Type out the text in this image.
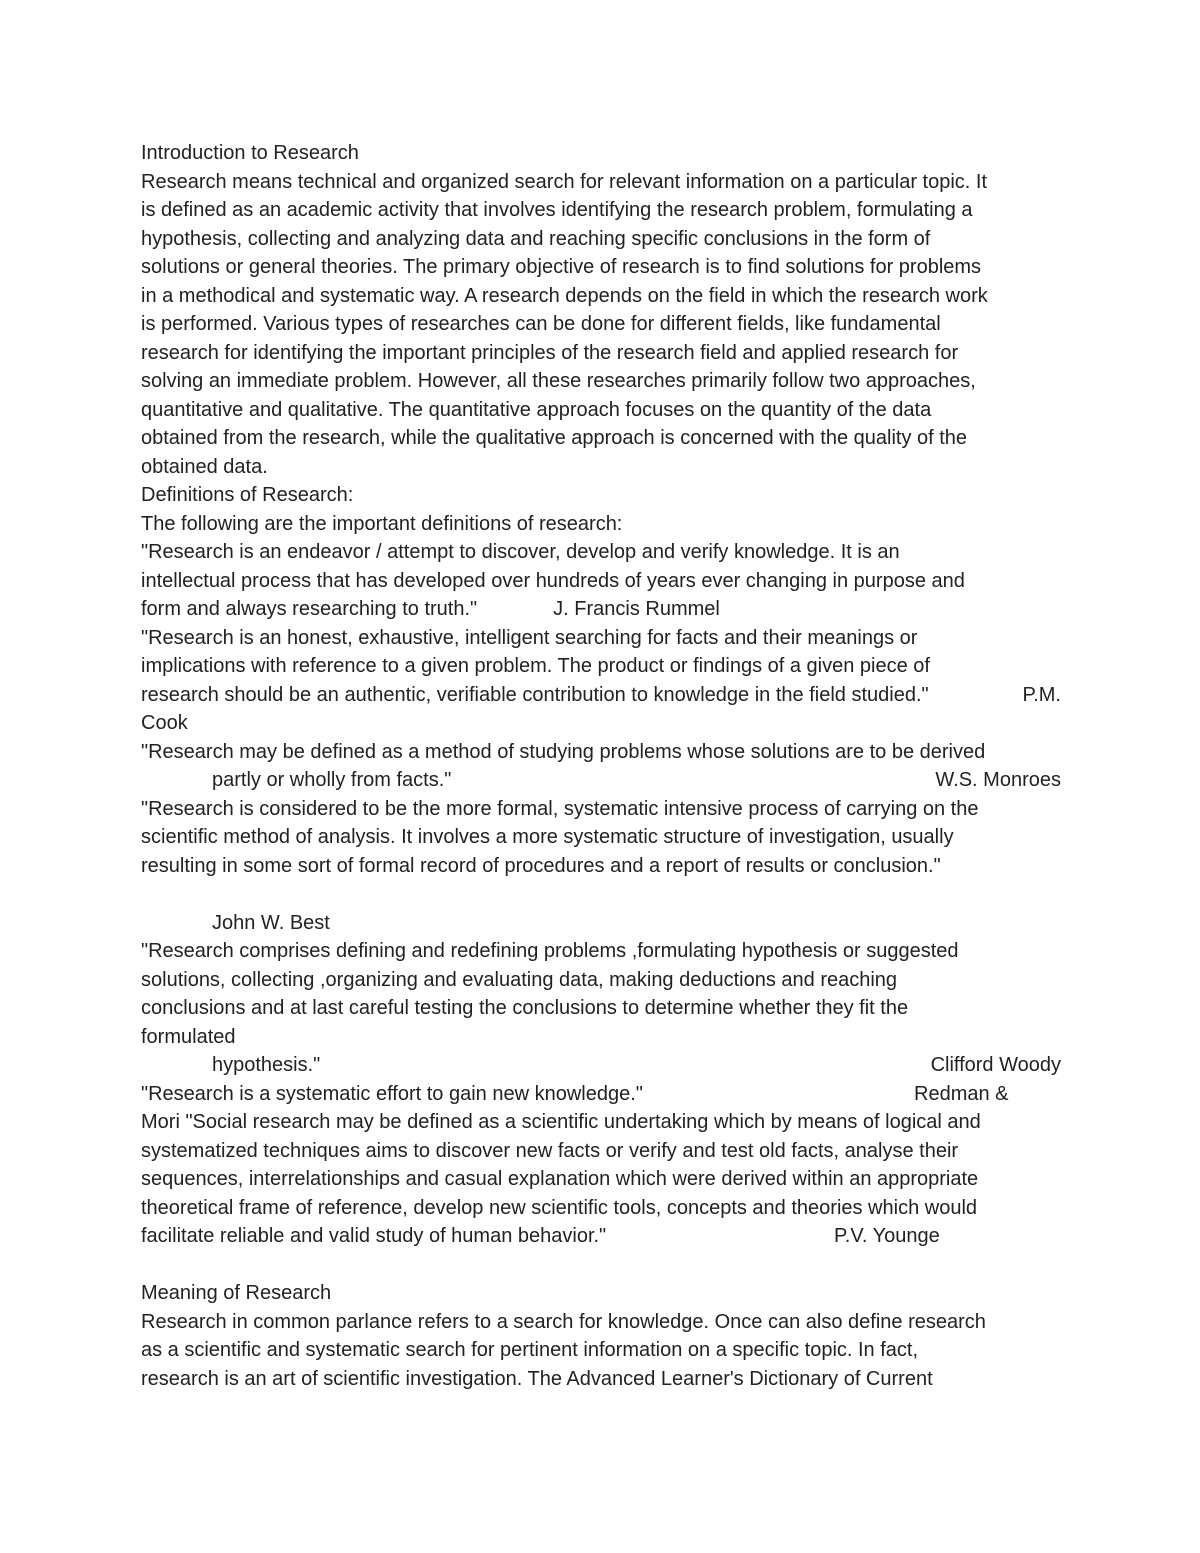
Introduction to Research
Research means technical and organized search for relevant information on a particular topic. It
is defined as an academic activity that involves identifying the research problem, formulating a
hypothesis, collecting and analyzing data and reaching specific conclusions in the form of
solutions or general theories. The primary objective of research is to find solutions for problems
in a methodical and systematic way. A research depends on the field in which the research work
is performed. Various types of researches can be done for different fields, like fundamental
research for identifying the important principles of the research field and applied research for
solving an immediate problem. However, all these researches primarily follow two approaches,
quantitative and qualitative. The quantitative approach focuses on the quantity of the data
obtained from the research, while the qualitative approach is concerned with the quality of the
obtained data.
Definitions of Research:
The following are the important definitions of research:
"Research is an endeavor / attempt to discover, develop and verify knowledge. It is an
intellectual process that has developed over hundreds of years ever changing in purpose and
form and always researching to truth."	J. Francis Rummel
"Research is an honest, exhaustive, intelligent searching for facts and their meanings or
implications with reference to a given problem. The product or findings of a given piece of
research should be an authentic, verifiable contribution to knowledge in the field studied."	P.M.
Cook
"Research may be defined as a method of studying problems whose solutions are to be derived
partly or wholly from facts."	W.S. Monroes
"Research is considered to be the more formal, systematic intensive process of carrying on the
scientific method of analysis. It involves a more systematic structure of investigation, usually
resulting in some sort of formal record of procedures and a report of results or conclusion."
John W. Best
"Research comprises defining and redefining problems ,formulating hypothesis or suggested
solutions, collecting ,organizing and evaluating data, making deductions and reaching
conclusions and at last careful testing the conclusions to determine whether they fit the
formulated
hypothesis."	Clifford Woody
"Research is a systematic effort to gain new knowledge."	Redman &
Mori "Social research may be defined as a scientific undertaking which by means of logical and
systematized techniques aims to discover new facts or verify and test old facts, analyse their
sequences, interrelationships and casual explanation which were derived within an appropriate
theoretical frame of reference, develop new scientific tools, concepts and theories which would
facilitate reliable and valid study of human behavior."	P.V. Younge
Meaning of Research
Research in common parlance refers to a search for knowledge. Once can also define research
as a scientific and systematic search for pertinent information on a specific topic. In fact,
research is an art of scientific investigation. The Advanced Learner's Dictionary of Current
